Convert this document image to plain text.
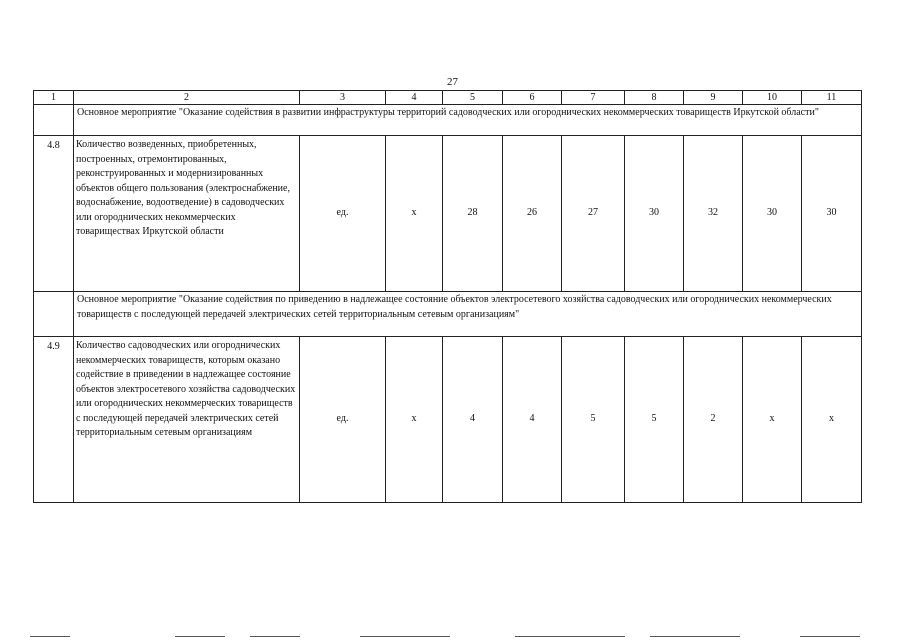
27
1	2	3	4	5	6	7	8	9	10	11
	Основное мероприятие "Оказание содействия в развитии инфраструктуры территорий садоводческих или огороднических некоммерческих товариществ Иркутской области"									
4.8	Количество возведенных, приобретенных, построенных, отремонтированных, реконструированных и модернизированных объектов общего пользования (электроснабжение, водоснабжение, водоотведение) в садоводческих или огороднических некоммерческих товариществах Иркутской области	ед.	х	28	26	27	30	32	30	30
	Основное мероприятие "Оказание содействия по приведению в надлежащее состояние объектов электросетевого хозяйства садоводческих или огороднических некоммерческих товариществ с последующей передачей электрических сетей территориальным сетевым организациям"									
4.9	Количество садоводческих или огороднических некоммерческих товариществ, которым оказано содействие в приведении в надлежащее состояние объектов электросетевого хозяйства садоводческих или огороднических некоммерческих товариществ с последующей передачей электрических сетей территориальным сетевым организациям	ед.	х	4	4	5	5	2	х	х
